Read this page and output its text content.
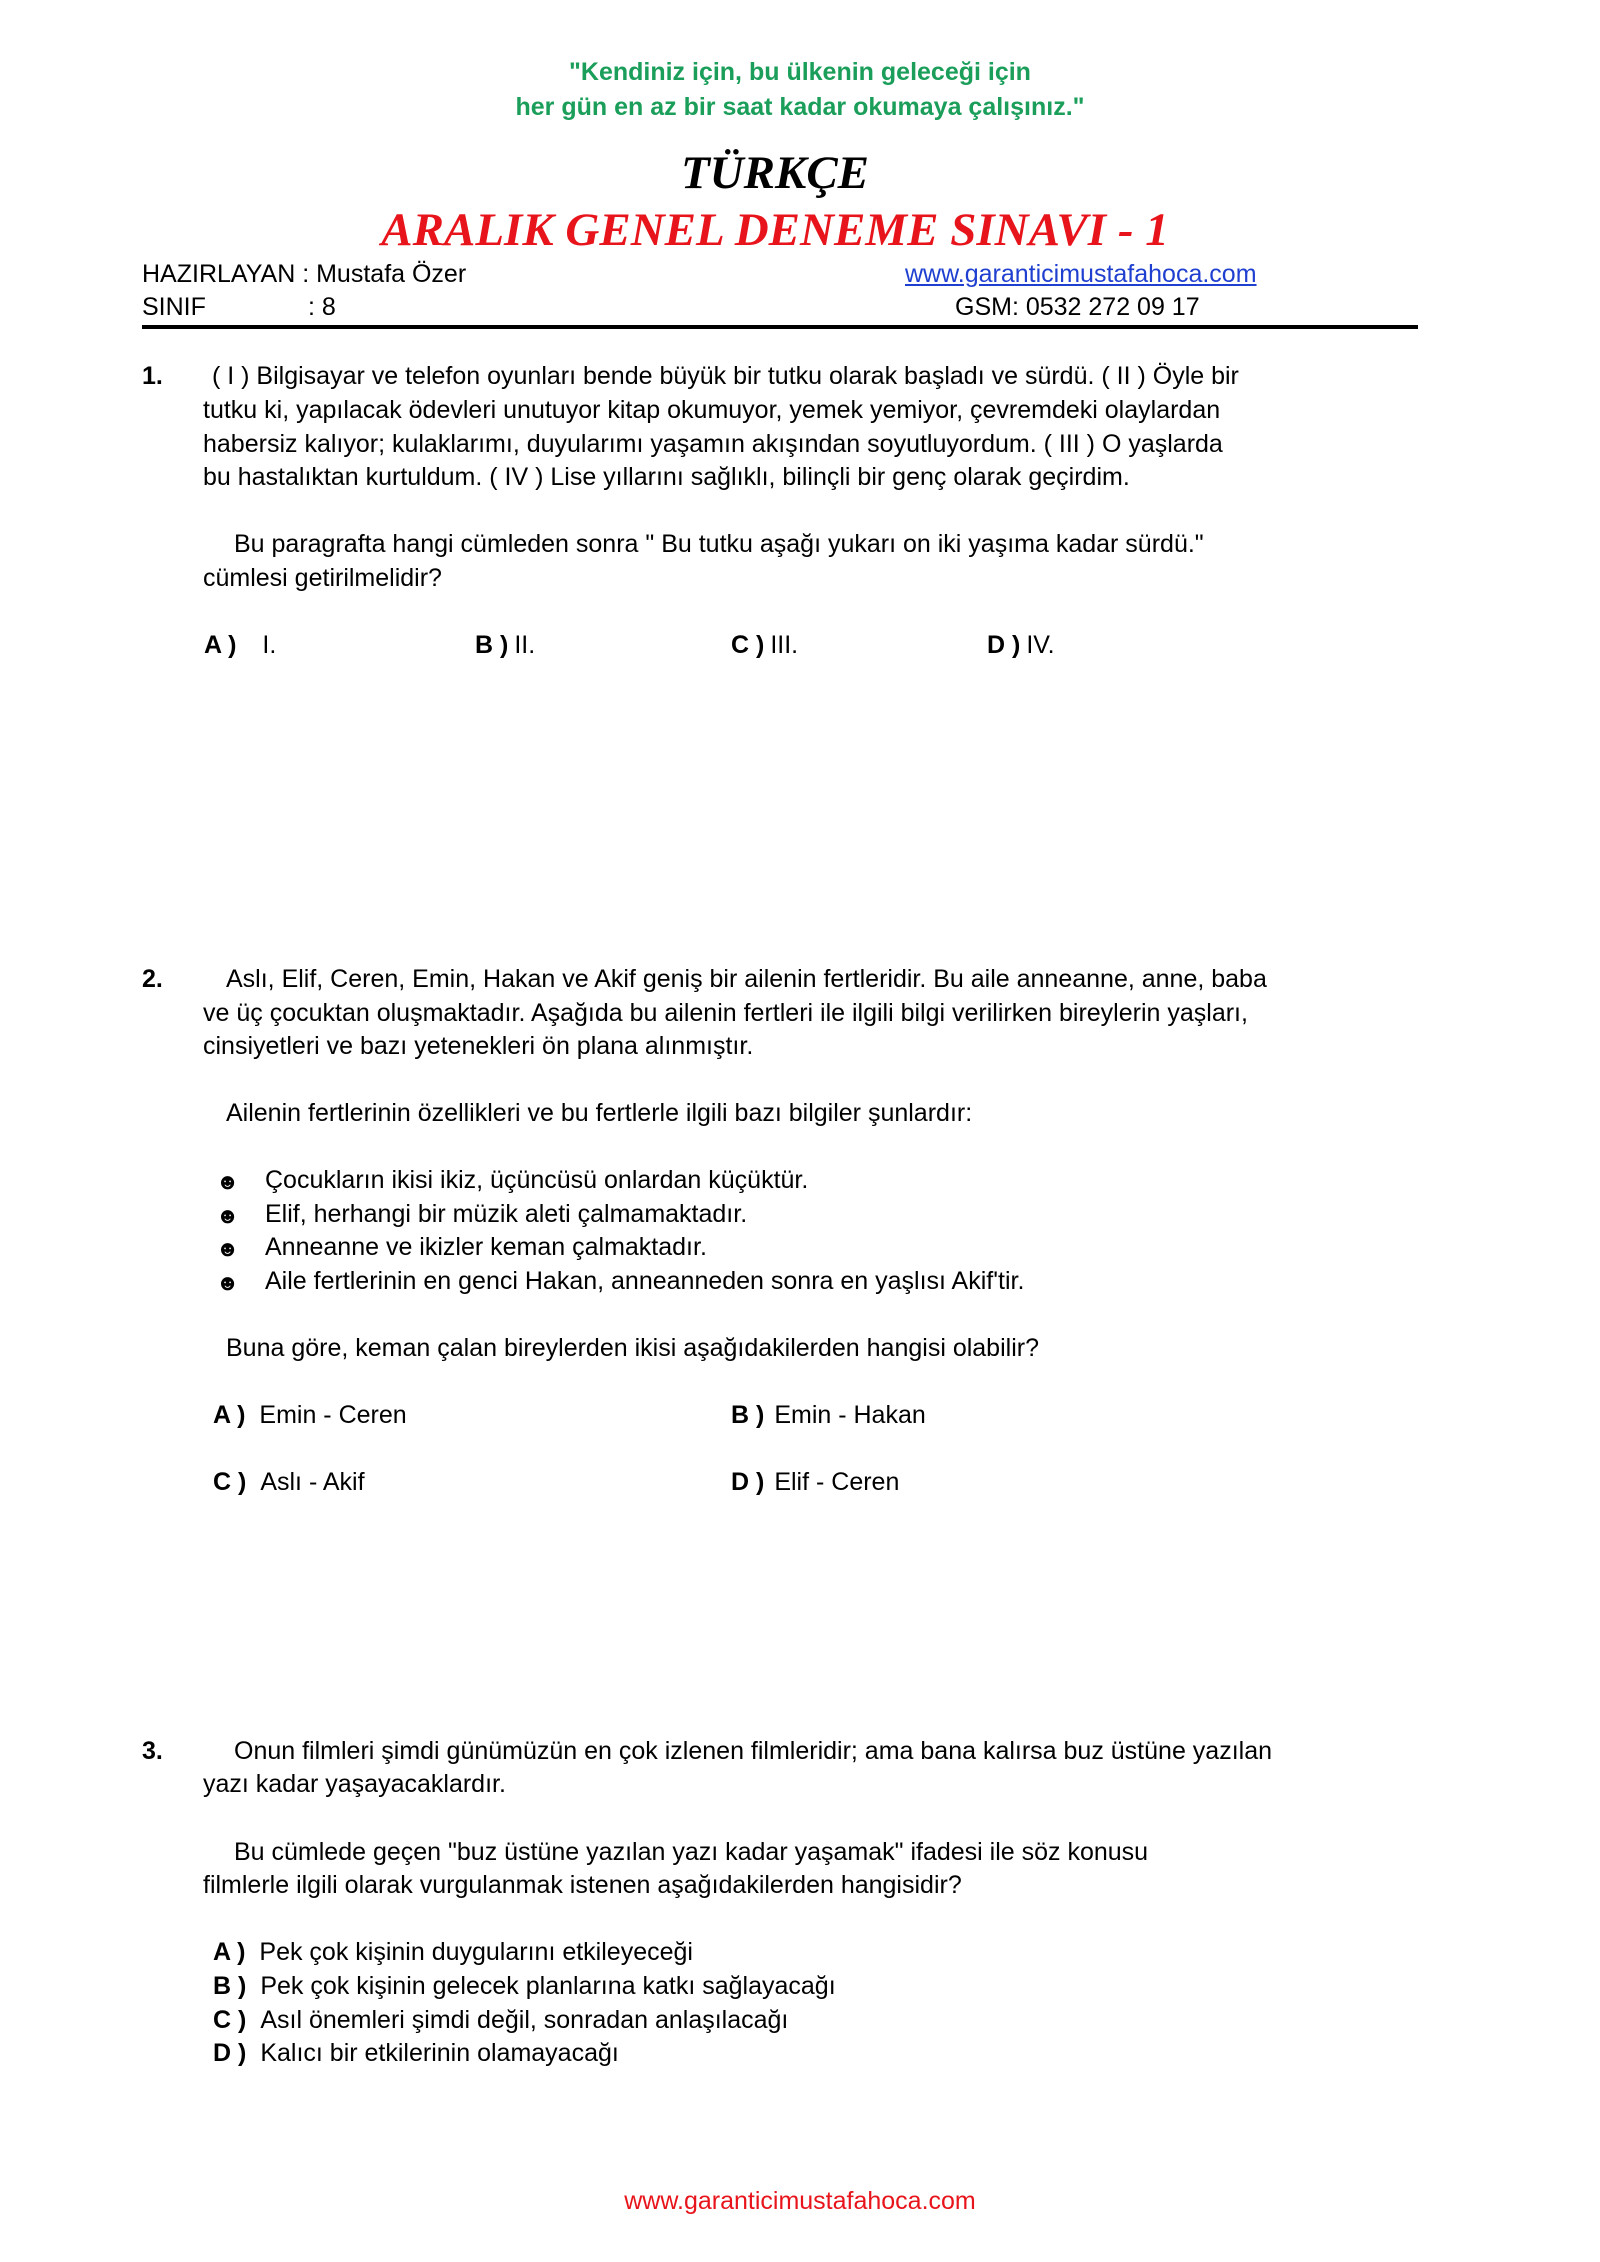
"Kendiniz için, bu ülkenin geleceği için
her gün en az bir saat kadar okumaya çalışınız."
TÜRKÇE
ARALIK GENEL DENEME SINAVI - 1
HAZIRLAYAN : Mustafa Özer	www.garanticimustafahoca.com
SINIF	: 8	GSM: 0532 272 09 17
1. ( I ) Bilgisayar ve telefon oyunları bende büyük bir tutku olarak başladı ve sürdü. ( II ) Öyle bir
tutku ki, yapılacak ödevleri unutuyor kitap okumuyor, yemek yemiyor, çevremdeki olaylardan
habersiz kalıyor; kulaklarımı, duyularımı yaşamın akışından soyutluyordum. ( III ) O yaşlarda
bu hastalıktan kurtuldum. ( IV ) Lise yıllarını sağlıklı, bilinçli bir genç olarak geçirdim.
Bu paragrafta hangi cümleden sonra " Bu tutku aşağı yukarı on iki yaşıma kadar sürdü."
cümlesi getirilmelidir?
A ) I.	B ) II.	C ) III.	D ) IV.
2.	Aslı, Elif, Ceren, Emin, Hakan ve Akif geniş bir ailenin fertleridir. Bu aile anneanne, anne, baba
ve üç çocuktan oluşmaktadır. Aşağıda bu ailenin fertleri ile ilgili bilgi verilirken bireylerin yaşları,
cinsiyetleri ve bazı yetenekleri ön plana alınmıştır.
Ailenin fertlerinin özellikleri ve bu fertlerle ilgili bazı bilgiler şunlardır:
☻ Çocukların ikisi ikiz, üçüncüsü onlardan küçüktür.
☻ Elif, herhangi bir müzik aleti çalmamaktadır.
☻ Anneanne ve ikizler keman çalmaktadır.
☻ Aile fertlerinin en genci Hakan, anneanneden sonra en yaşlısı Akif'tir.
Buna göre, keman çalan bireylerden ikisi aşağıdakilerden hangisi olabilir?
A ) Emin - Ceren	B ) Emin - Hakan
C ) Aslı - Akif	D ) Elif - Ceren
3.	Onun filmleri şimdi günümüzün en çok izlenen filmleridir; ama bana kalırsa buz üstüne yazılan
yazı kadar yaşayacaklardır.
Bu cümlede geçen "buz üstüne yazılan yazı kadar yaşamak" ifadesi ile söz konusu
filmlerle ilgili olarak vurgulanmak istenen aşağıdakilerden hangisidir?
A ) Pek çok kişinin duygularını etkileyeceği
B ) Pek çok kişinin gelecek planlarına katkı sağlayacağı
C ) Asıl önemleri şimdi değil, sonradan anlaşılacağı
D ) Kalıcı bir etkilerinin olamayacağı
www.garanticimustafahoca.com
